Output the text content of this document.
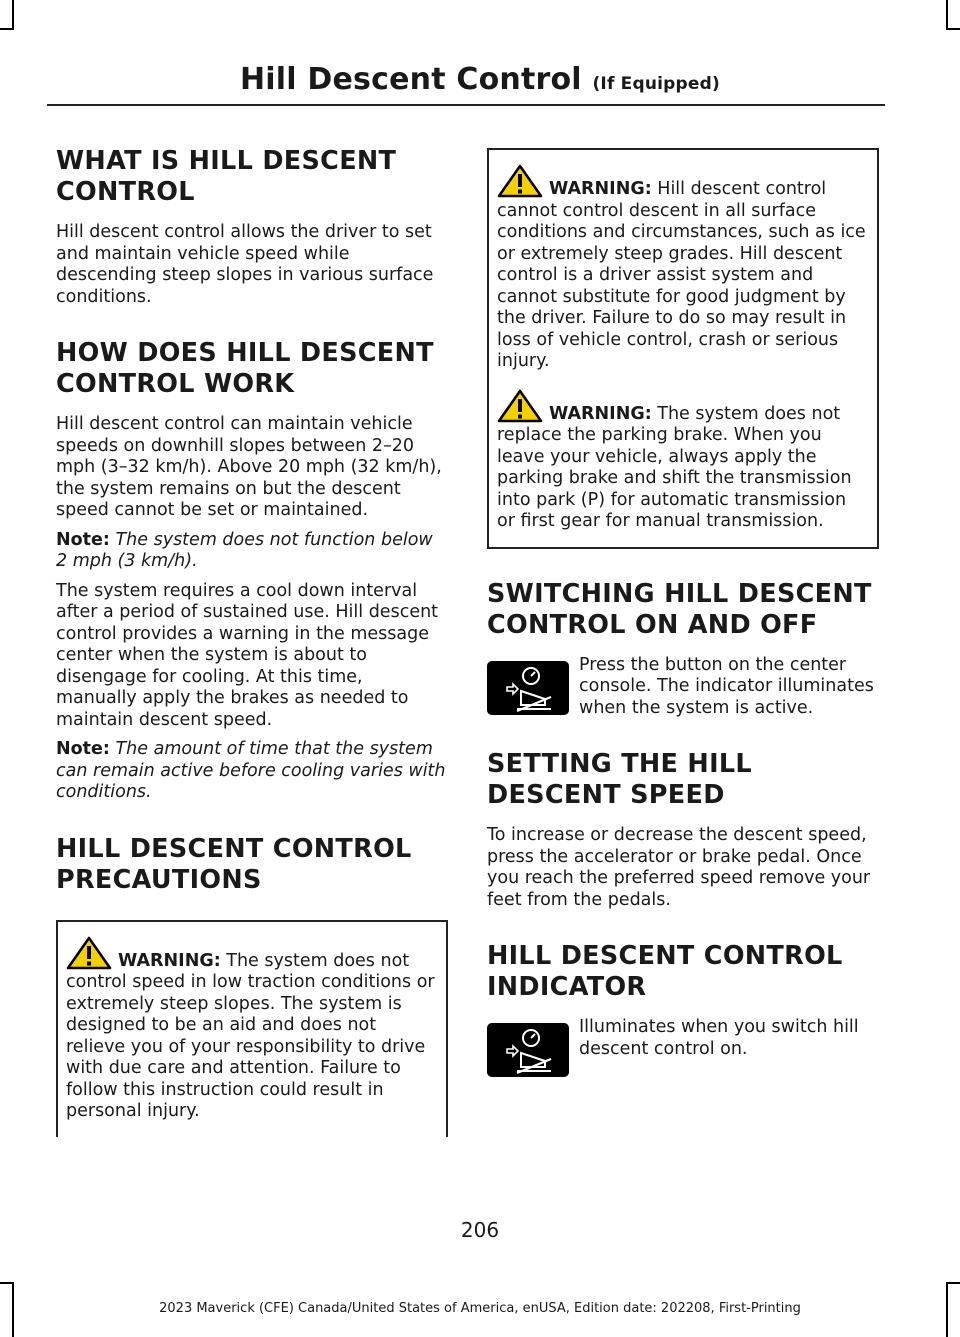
Hill Descent Control (If Equipped)
WHAT IS HILL DESCENT CONTROL

Hill descent control allows the driver to set and maintain vehicle speed while descending steep slopes in various surface conditions.

HOW DOES HILL DESCENT CONTROL WORK

Hill descent control can maintain vehicle speeds on downhill slopes between 2–20 mph (3–32 km/h). Above 20 mph (32 km/h), the system remains on but the descent speed cannot be set or maintained.

Note: The system does not function below 2 mph (3 km/h).

The system requires a cool down interval after a period of sustained use. Hill descent control provides a warning in the message center when the system is about to disengage for cooling. At this time, manually apply the brakes as needed to maintain descent speed.

Note: The amount of time that the system can remain active before cooling varies with conditions.

HILL DESCENT CONTROL PRECAUTIONS

WARNING: The system does not control speed in low traction conditions or extremely steep slopes. The system is designed to be an aid and does not relieve you of your responsibility to drive with due care and attention. Failure to follow this instruction could result in personal injury.

WARNING: Hill descent control cannot control descent in all surface conditions and circumstances, such as ice or extremely steep grades. Hill descent control is a driver assist system and cannot substitute for good judgment by the driver. Failure to do so may result in loss of vehicle control, crash or serious injury.

WARNING: The system does not replace the parking brake. When you leave your vehicle, always apply the parking brake and shift the transmission into park (P) for automatic transmission or first gear for manual transmission.

SWITCHING HILL DESCENT CONTROL ON AND OFF

Press the button on the center console. The indicator illuminates when the system is active.

SETTING THE HILL DESCENT SPEED

To increase or decrease the descent speed, press the accelerator or brake pedal. Once you reach the preferred speed remove your feet from the pedals.

HILL DESCENT CONTROL INDICATOR

Illuminates when you switch hill descent control on.

206
2023 Maverick (CFE) Canada/United States of America, enUSA, Edition date: 202208, First-Printing
